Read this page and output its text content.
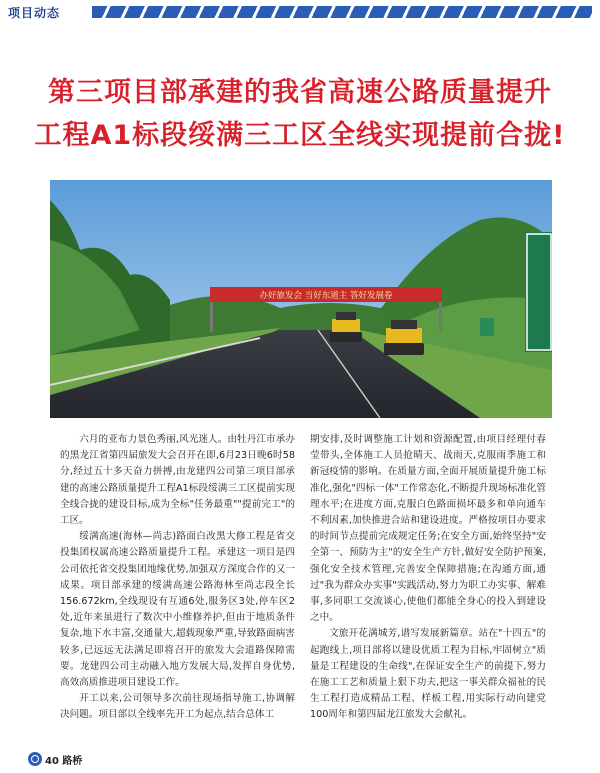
项目动态
第三项目部承建的我省高速公路质量提升
工程A1标段绥满三工区全线实现提前合拢!
办好旅发会 当好东道主 答好发展卷

六月的亚布力景色秀丽,风光迷人。由牡丹江市承办的黑龙江省第四届旅发大会召开在即,6月23日晚6时58分,经过五十多天奋力拼搏,由龙建四公司第三项目部承建的高速公路质量提升工程A1标段绥满三工区提前实现全线合拢的建设目标,成为全标"任务最重""提前完工"的工区。

绥满高速(海林—尚志)路面白改黑大修工程是省交投集团权属高速公路质量提升工程。承建这一项目是四公司依托省交投集团地缘优势,加强双方深度合作的又一成果。项目部承建的绥满高速公路海林至尚志段全长156.672km,全线现设有互通6处,服务区3处,停车区2处,近年来虽进行了数次中小维修养护,但由于地质条件复杂,地下水丰富,交通量大,超载现象严重,导致路面病害较多,已远远无法满足即将召开的旅发大会道路保障需要。龙建四公司主动融入地方发展大局,发挥自身优势,高效高质推进项目建设工作。

开工以来,公司领导多次前往现场指导施工,协调解决问题。项目部以全线率先开工为起点,结合总体工

期安排,及时调整施工计划和资源配置,由项目经理付春莹带头,全体施工人员抢晴天、战雨天,克服雨季施工和新冠疫情的影响。在质量方面,全面开展质量提升施工标准化,强化"四标一体"工作常态化,不断提升现场标准化管理水平;在进度方面,克服白色路面损坏最多和单向通车不利因素,加快推进合站和建设进度。严格按项目办要求的时间节点提前完成规定任务;在安全方面,始终坚持"安全第一、预防为主"的安全生产方针,做好安全防护预案,强化安全技术管理,完善安全保障措施;在沟通方面,通过"我为群众办实事"实践活动,努力为职工办实事、解难事,多同职工交流谈心,使他们都能全身心的投入到建设之中。

文旅开花满城芳,谱写发展新篇章。站在"十四五"的起跑线上,项目部将以建设优质工程为目标,牢固树立"质量是工程建设的生命线",在保证安全生产的前提下,努力在施工工艺和质量上狠下功夫,把这一事关群众福祉的民生工程打造成精品工程、样板工程,用实际行动向建党100周年和第四届龙江旅发大会献礼。

40 路桥
